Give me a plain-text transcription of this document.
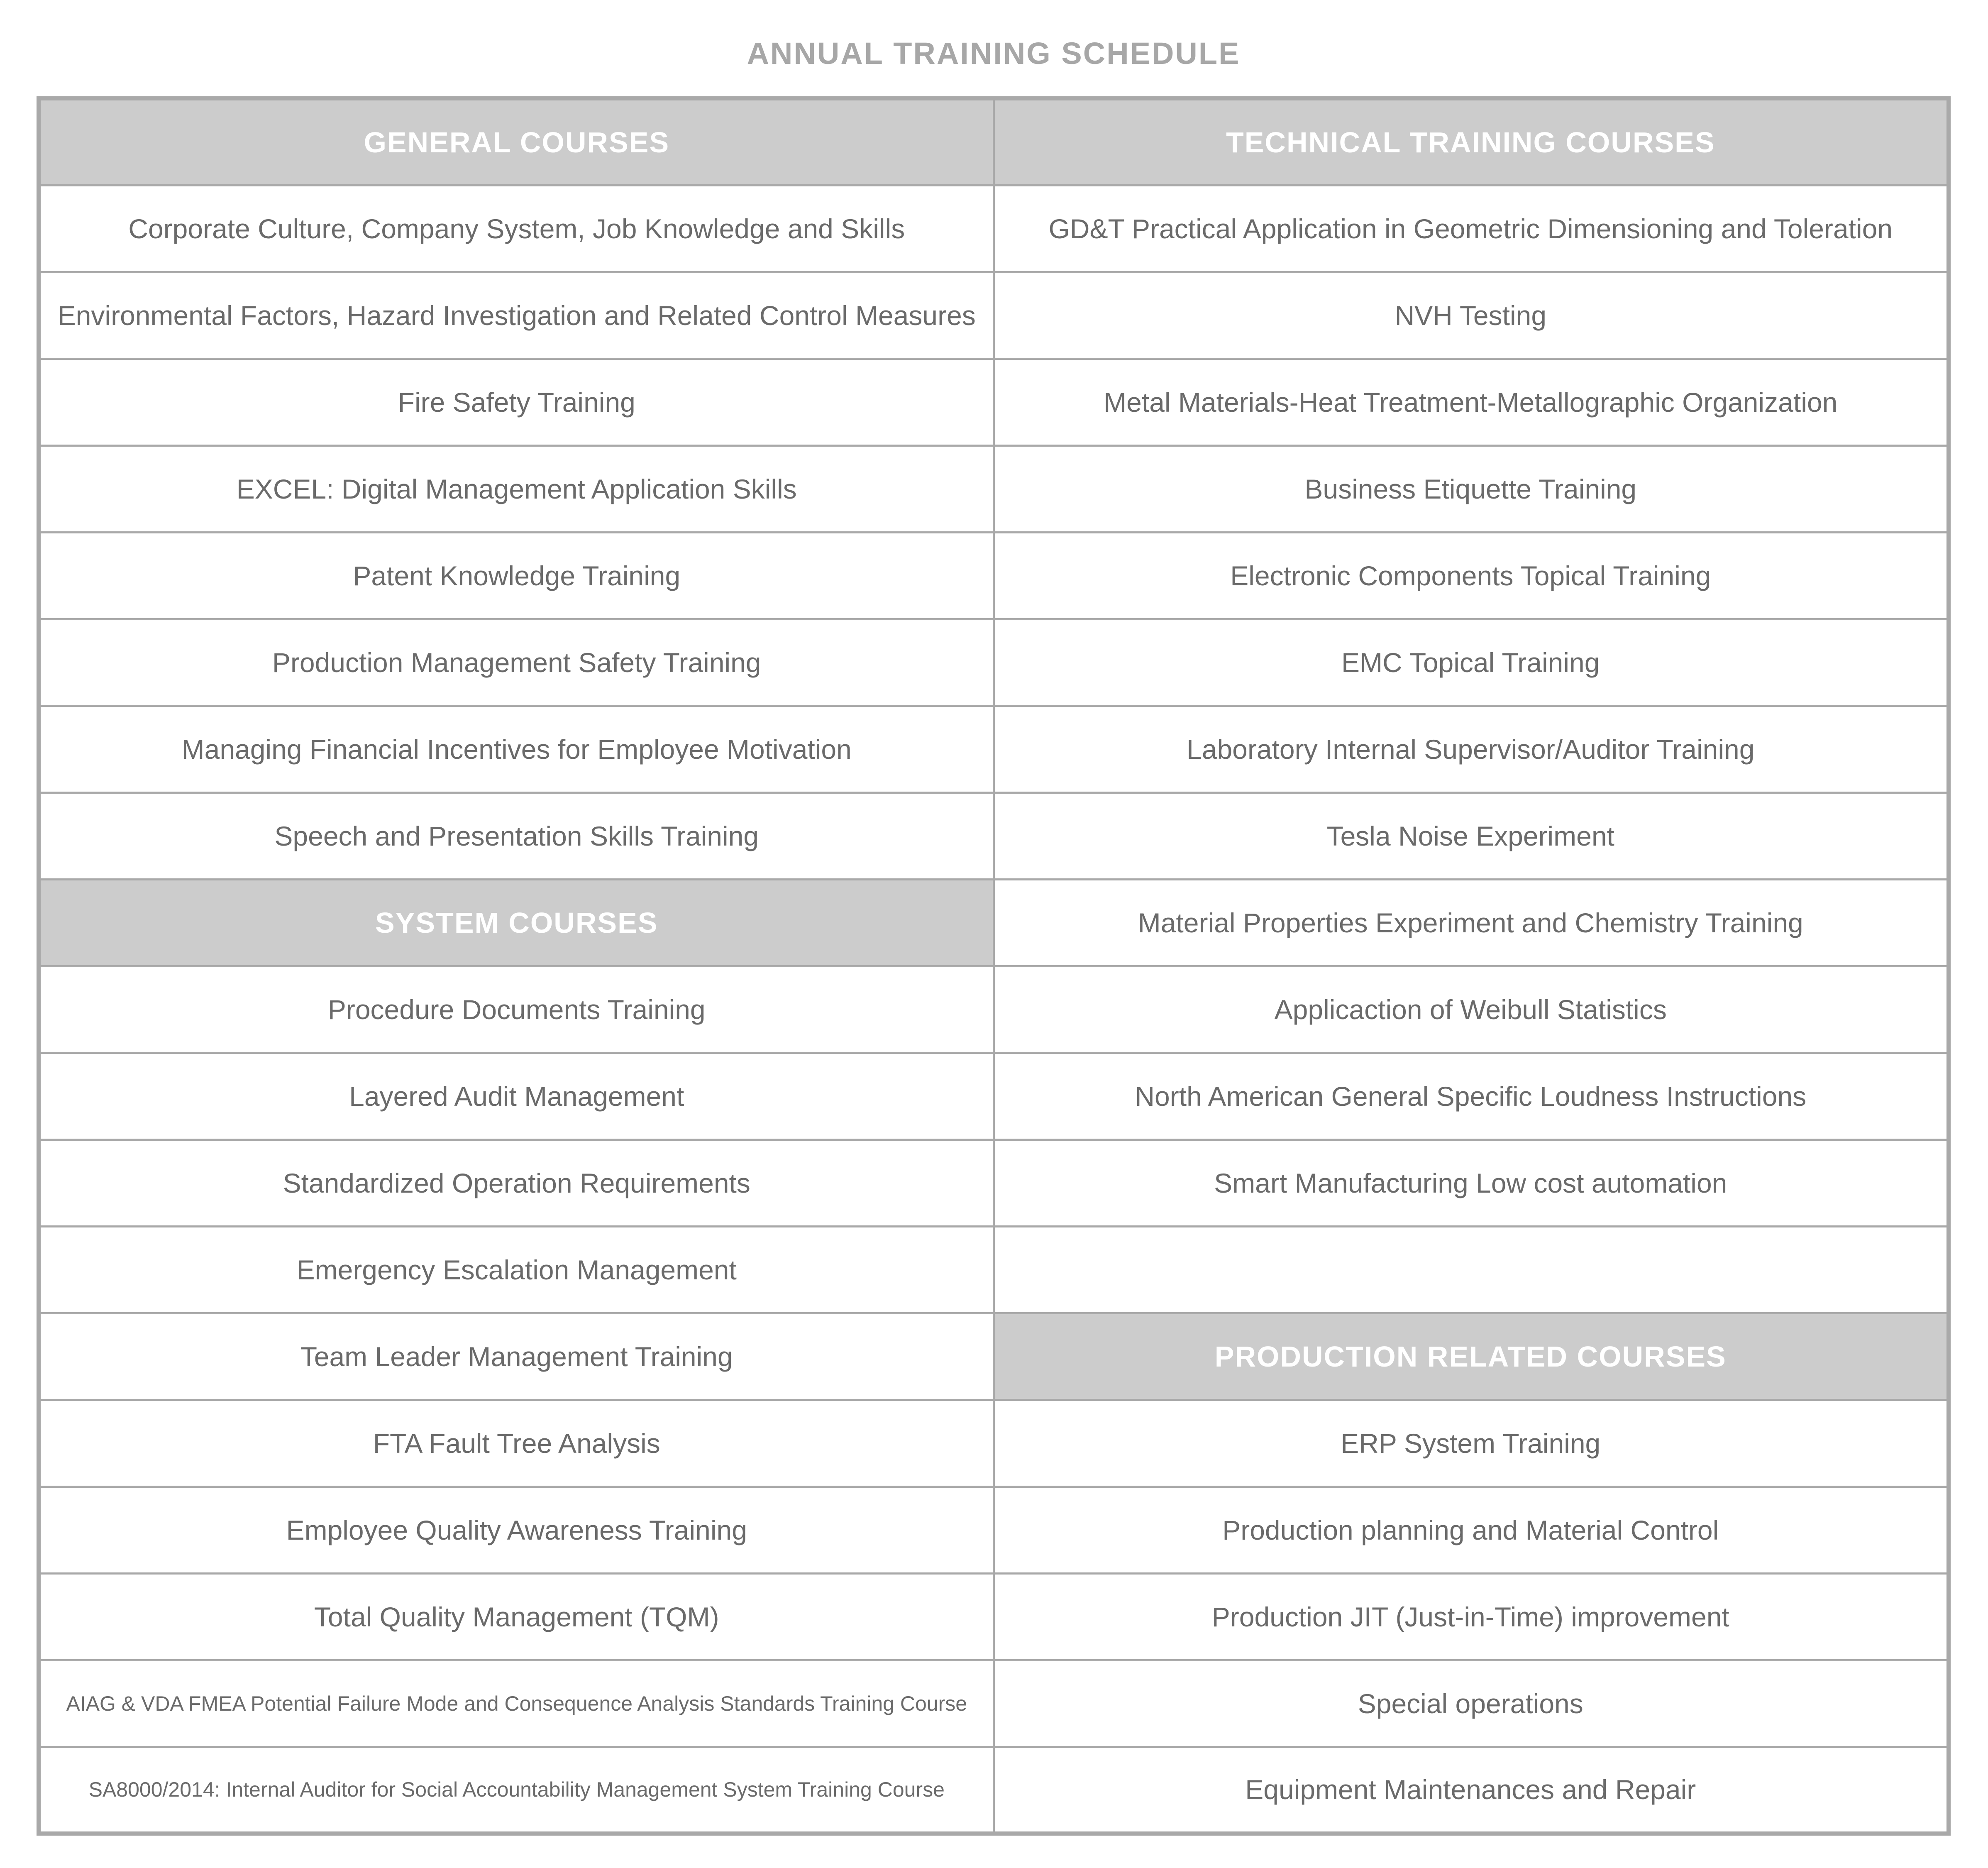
ANNUAL TRAINING SCHEDULE
GENERAL COURSES	TECHNICAL TRAINING COURSES
Corporate Culture, Company System, Job Knowledge and Skills	GD&T Practical Application in Geometric Dimensioning and Toleration
Environmental Factors, Hazard Investigation and Related Control Measures	NVH Testing
Fire Safety Training	Metal Materials-Heat Treatment-Metallographic Organization
EXCEL: Digital Management Application Skills	Business Etiquette Training
Patent Knowledge Training	Electronic Components Topical Training
Production Management Safety Training	EMC Topical Training
Managing Financial Incentives for Employee Motivation	Laboratory Internal Supervisor/Auditor Training
Speech and Presentation Skills Training	Tesla Noise Experiment
SYSTEM COURSES	Material Properties Experiment and Chemistry Training
Procedure Documents Training	Applicaction of Weibull Statistics
Layered Audit Management	North American General Specific Loudness Instructions
Standardized Operation Requirements	Smart Manufacturing Low cost automation
Emergency Escalation Management	
Team Leader Management Training	PRODUCTION RELATED COURSES
FTA Fault Tree Analysis	ERP System Training
Employee Quality Awareness Training	Production planning and Material Control
Total Quality Management (TQM)	Production JIT (Just-in-Time) improvement
AIAG & VDA FMEA Potential Failure Mode and Consequence Analysis Standards Training Course	Special operations
SA8000/2014: Internal Auditor for Social Accountability Management System Training Course	Equipment Maintenances and Repair
